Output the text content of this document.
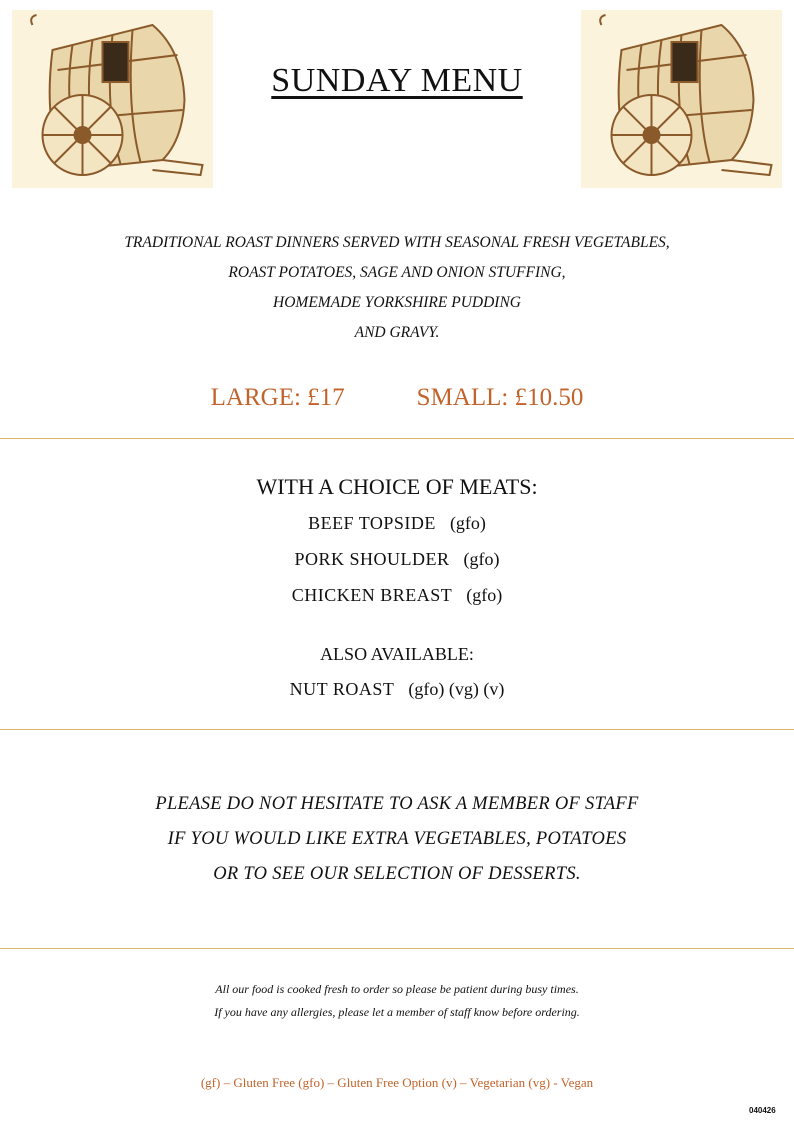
SUNDAY MENU
TRADITIONAL ROAST DINNERS SERVED WITH SEASONAL FRESH VEGETABLES,
ROAST POTATOES, SAGE AND ONION STUFFING,
HOMEMADE YORKSHIRE PUDDING
AND GRAVY.
LARGE: £17	SMALL: £10.50
WITH A CHOICE OF MEATS:
BEEF TOPSIDE (gfo)
PORK SHOULDER (gfo)
CHICKEN BREAST (gfo)
ALSO AVAILABLE:
NUT ROAST (gfo) (vg) (v)
PLEASE DO NOT HESITATE TO ASK A MEMBER OF STAFF
IF YOU WOULD LIKE EXTRA VEGETABLES, POTATOES
OR TO SEE OUR SELECTION OF DESSERTS.
All our food is cooked fresh to order so please be patient during busy times.
If you have any allergies, please let a member of staff know before ordering.
(gf) – Gluten Free (gfo) – Gluten Free Option (v) – Vegetarian (vg) - Vegan
040426
